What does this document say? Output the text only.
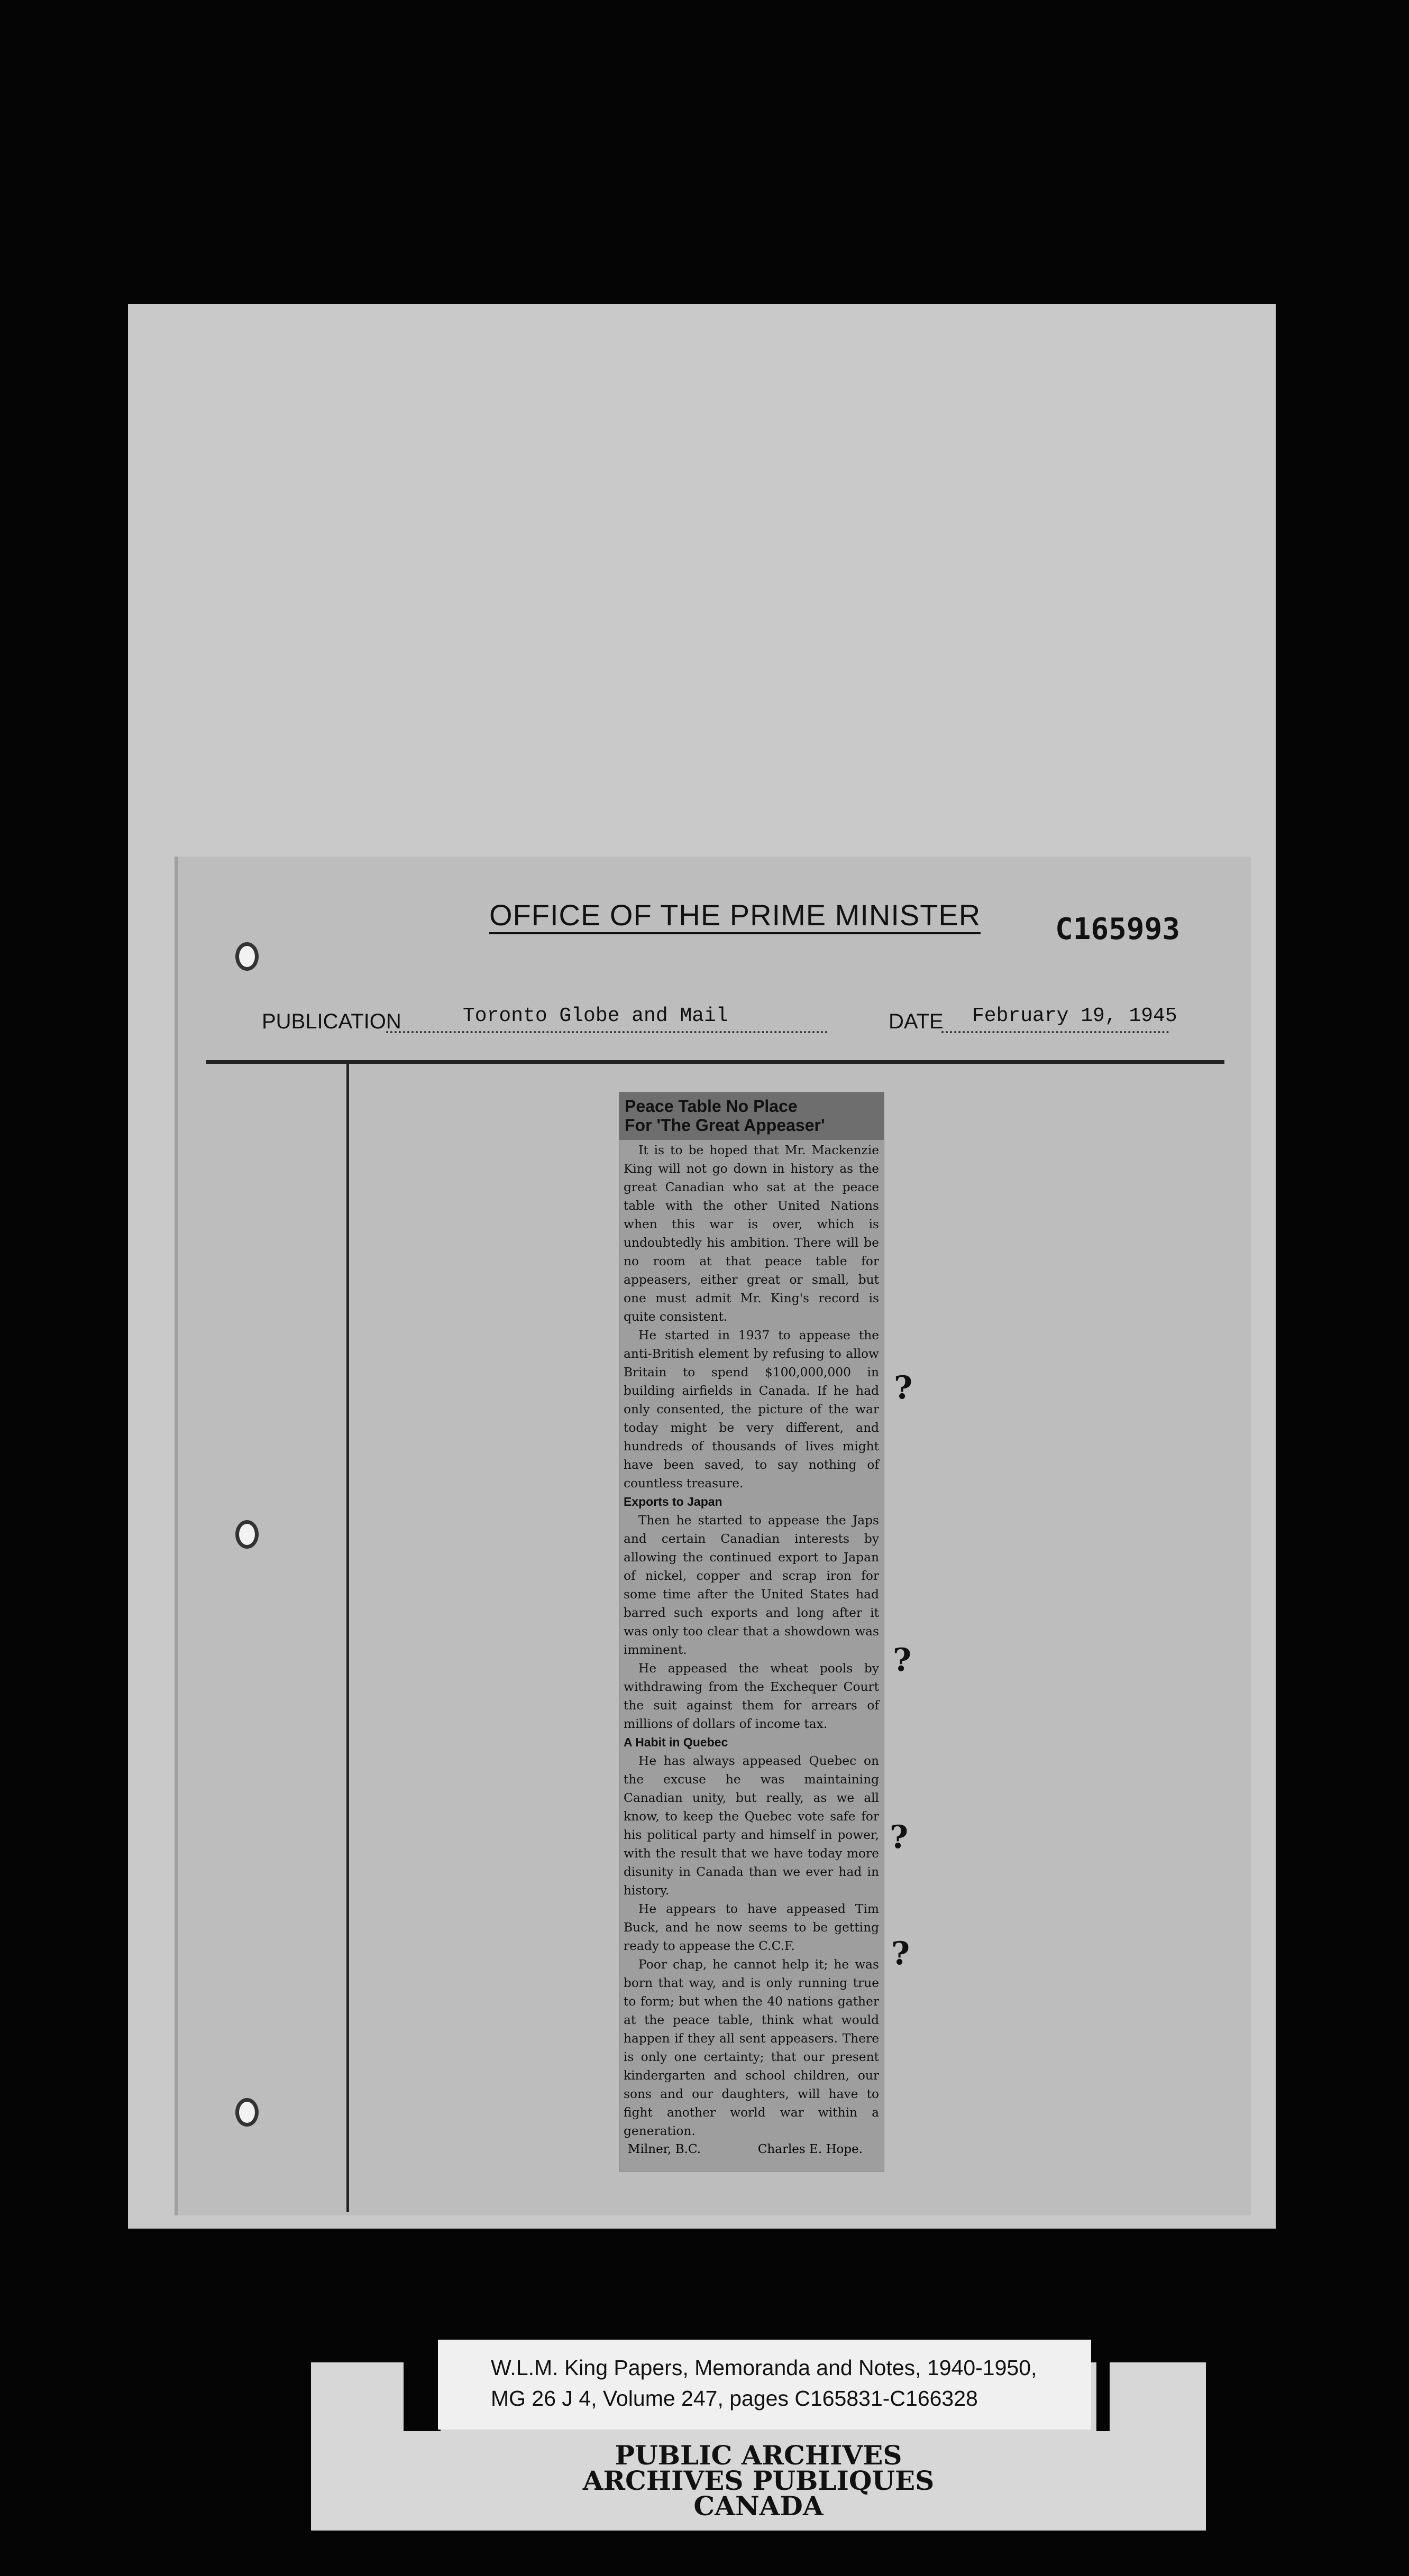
OFFICE OF THE PRIME MINISTER	C165993
PUBLICATION	Toronto Globe and Mail	DATE February 19, 1945
Peace Table No Place
For 'The Great Appeaser'

It is to be hoped that Mr. Mackenzie King will not go down in history as the great Canadian who sat at the peace table with the other United Nations when this war is over, which is undoubtedly his ambition. There will be no room at that peace table for appeasers, either great or small, but one must admit Mr. King's record is quite consistent.

He started in 1937 to appease the anti-British element by refusing to allow Britain to spend $100,000,000 in building airfields in Canada. If he had only consented, the picture of the war today might be very different, and hundreds of thousands of lives might have been saved, to say nothing of countless treasure.

Exports to Japan

Then he started to appease the Japs and certain Canadian interests by allowing the continued export to Japan of nickel, copper and scrap iron for some time after the United States had barred such exports and long after it was only too clear that a showdown was imminent.

He appeased the wheat pools by withdrawing from the Exchequer Court the suit against them for arrears of millions of dollars of income tax.

A Habit in Quebec

He has always appeased Quebec on the excuse he was maintaining Canadian unity, but really, as we all know, to keep the Quebec vote safe for his political party and himself in power, with the result that we have today more disunity in Canada than we ever had in history.

He appears to have appeased Tim Buck, and he now seems to be getting ready to appease the C.C.F.

Poor chap, he cannot help it; he was born that way, and is only running true to form; but when the 40 nations gather at the peace table, think what would happen if they all sent appeasers. There is only one certainty; that our present kindergarten and school children, our sons and our daughters, will have to fight another world war within a generation.

Milner, B.C.	Charles E. Hope.
?
?
?
?
PUBLIC ARCHIVES
ARCHIVES PUBLIQUES
CANADA
W.L.M. King Papers, Memoranda and Notes, 1940-1950,
MG 26 J 4, Volume 247, pages C165831-C166328
